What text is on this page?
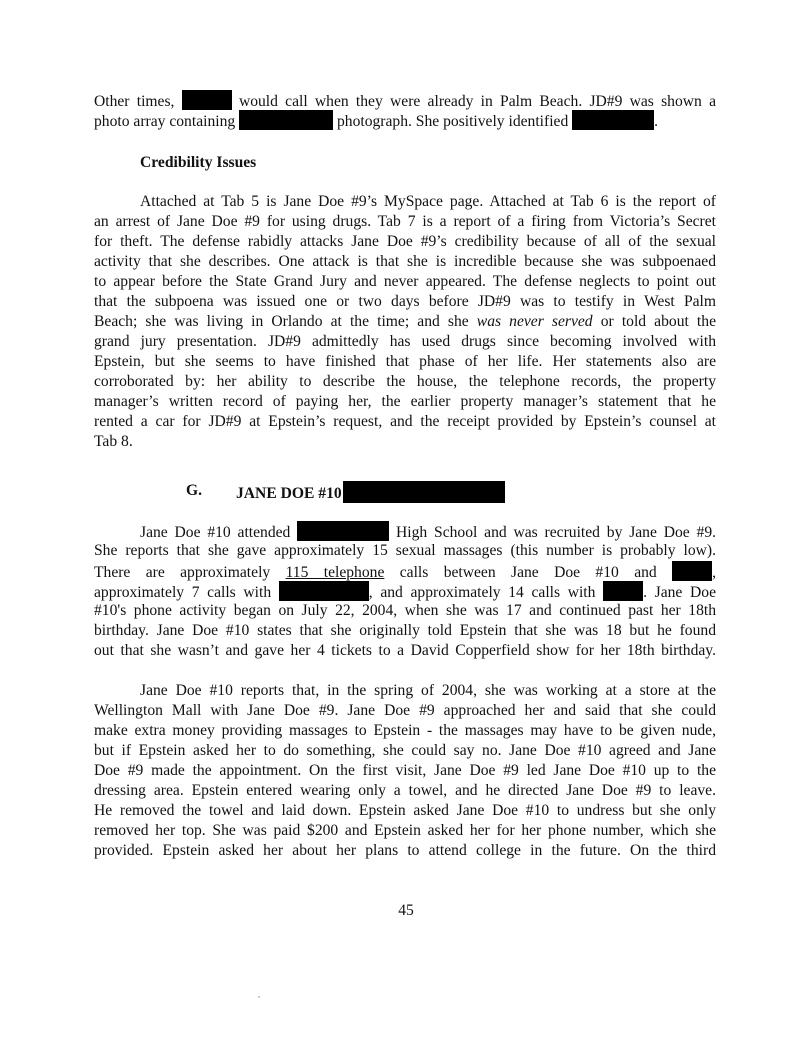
Other times,	would call when they were already in Palm Beach. JD#9 was shown a
photo array containing	photograph. She positively identified	.
Credibility Issues
Attached at Tab 5 is Jane Doe #9’s MySpace page. Attached at Tab 6 is the report of
an arrest of Jane Doe #9 for using drugs. Tab 7 is a report of a firing from Victoria’s Secret
for theft. The defense rabidly attacks Jane Doe #9’s credibility because of all of the sexual
activity that she describes. One attack is that she is incredible because she was subpoenaed
to appear before the State Grand Jury and never appeared. The defense neglects to point out
that the subpoena was issued one or two days before JD#9 was to testify in West Palm
Beach; she was living in Orlando at the time; and she was never served or told about the
grand jury presentation. JD#9 admittedly has used drugs since becoming involved with
Epstein, but she seems to have finished that phase of her life. Her statements also are
corroborated by: her ability to describe the house, the telephone records, the property
manager’s written record of paying her, the earlier property manager’s statement that he
rented a car for JD#9 at Epstein’s request, and the receipt provided by Epstein’s counsel at
Tab 8.
G. JANE DOE #10
Jane Doe #10 attended	High School and was recruited by Jane Doe #9.
She reports that she gave approximately 15 sexual massages (this number is probably low).
There are approximately 115 telephone calls between Jane Doe #10 and	,
approximately 7 calls with	, and approximately 14 calls with	. Jane Doe
#10's phone activity began on July 22, 2004, when she was 17 and continued past her 18th
birthday. Jane Doe #10 states that she originally told Epstein that she was 18 but he found
out that she wasn’t and gave her 4 tickets to a David Copperfield show for her 18th birthday.
Jane Doe #10 reports that, in the spring of 2004, she was working at a store at the
Wellington Mall with Jane Doe #9. Jane Doe #9 approached her and said that she could
make extra money providing massages to Epstein - the massages may have to be given nude,
but if Epstein asked her to do something, she could say no. Jane Doe #10 agreed and Jane
Doe #9 made the appointment. On the first visit, Jane Doe #9 led Jane Doe #10 up to the
dressing area. Epstein entered wearing only a towel, and he directed Jane Doe #9 to leave.
He removed the towel and laid down. Epstein asked Jane Doe #10 to undress but she only
removed her top. She was paid $200 and Epstein asked her for her phone number, which she
provided. Epstein asked her about her plans to attend college in the future. On the third
45
